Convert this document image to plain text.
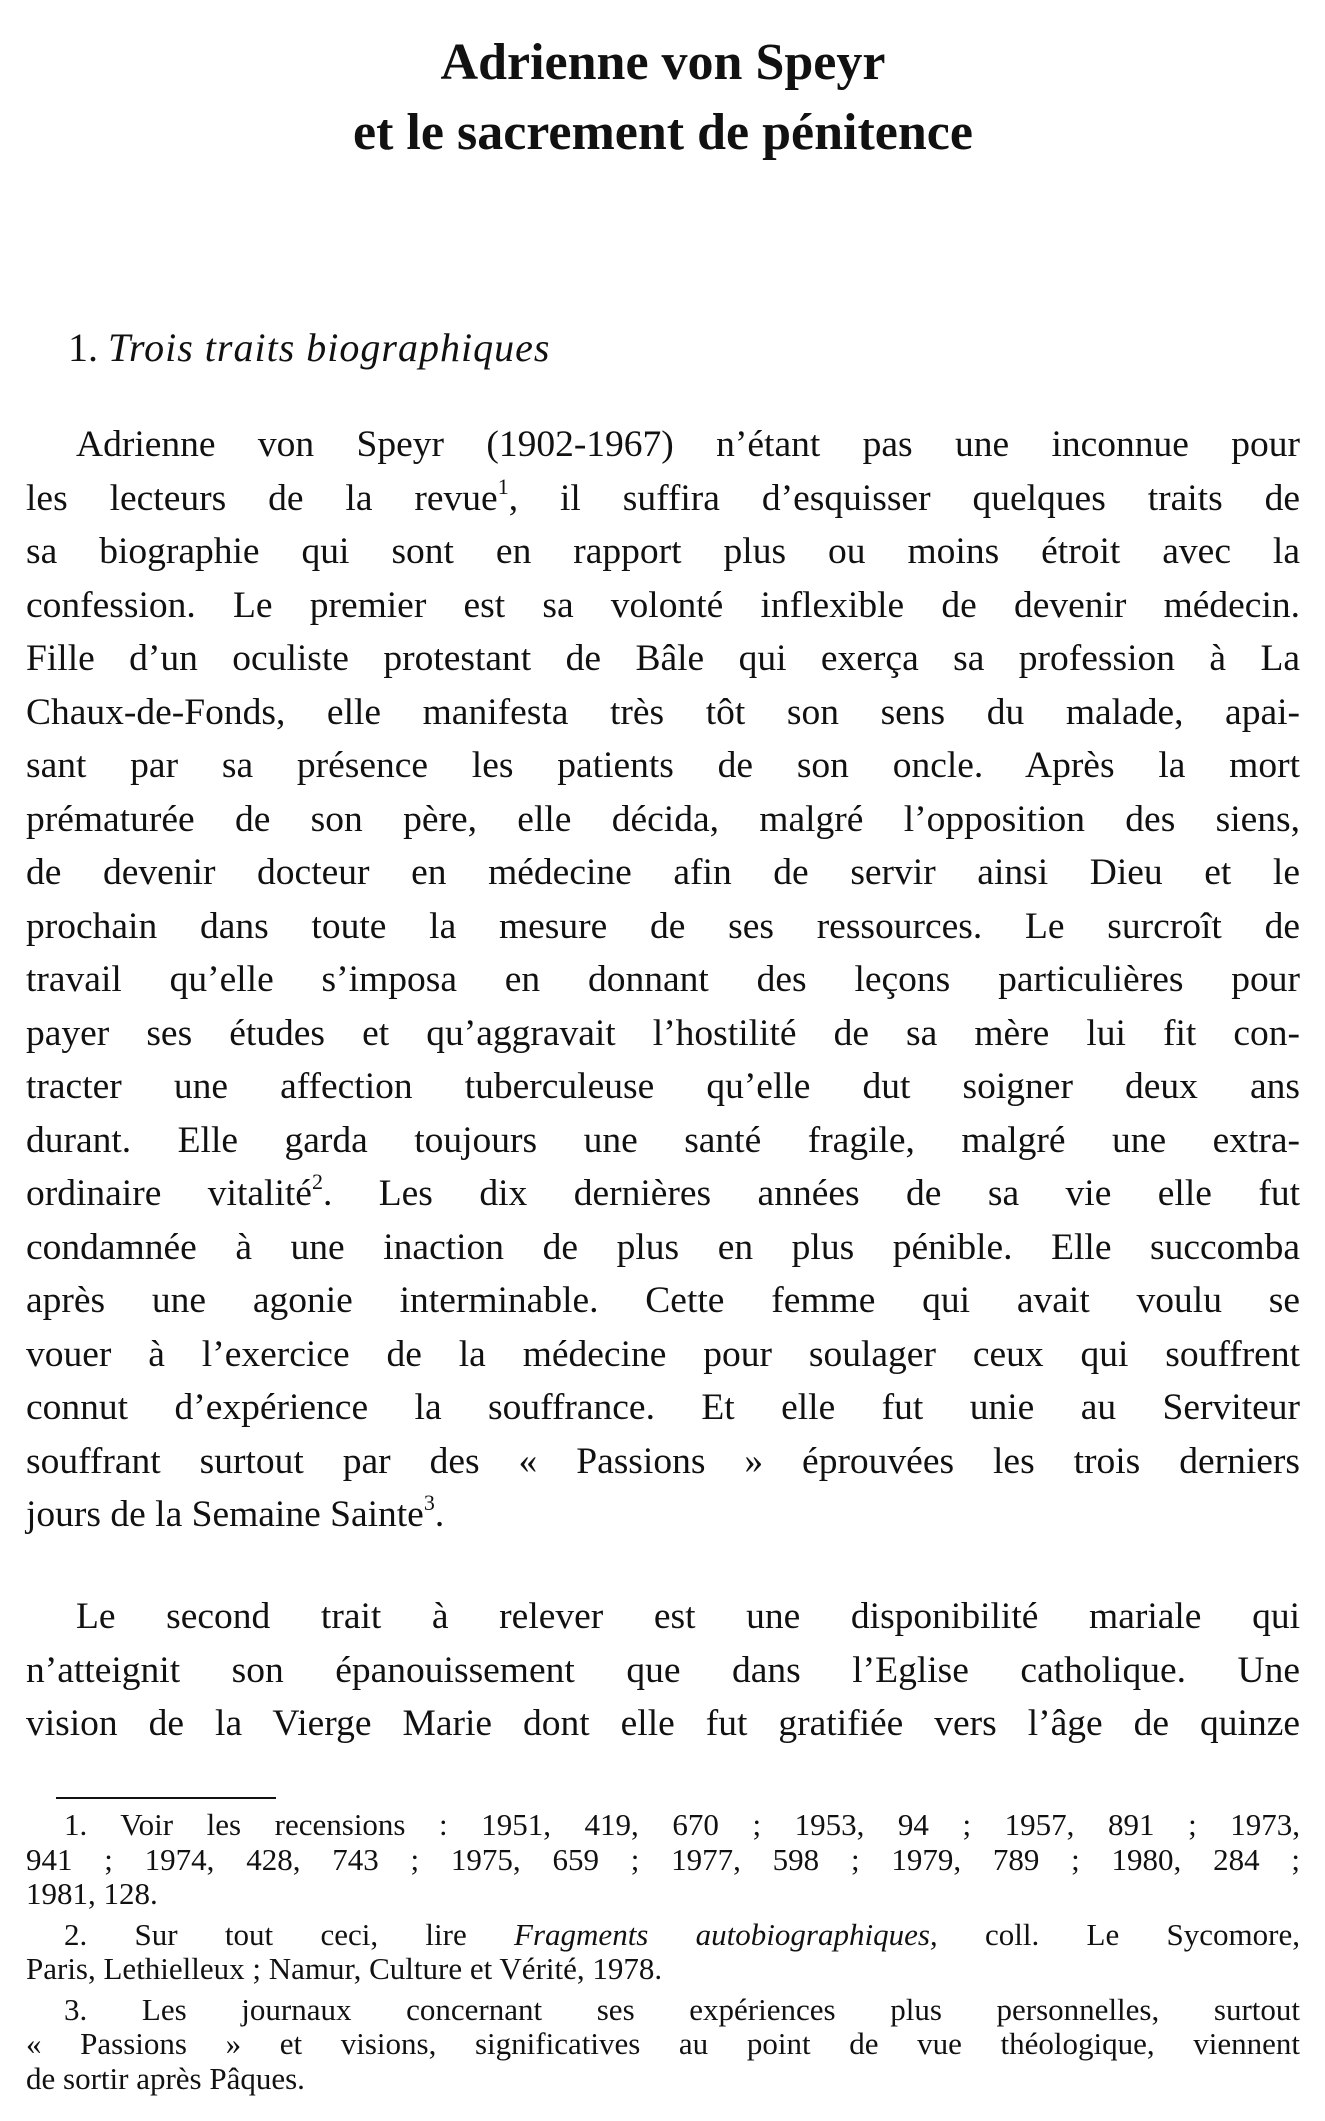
Adrienne von Speyr
et le sacrement de pénitence
1. Trois traits biographiques
Adrienne von Speyr (1902-1967) n’étant pas une inconnue pour
les lecteurs de la revue$^1$, il suffira d’esquisser quelques traits de
sa biographie qui sont en rapport plus ou moins étroit avec la
confession. Le premier est sa volonté inflexible de devenir médecin.
Fille d’un oculiste protestant de Bâle qui exerça sa profession à La
Chaux-de-Fonds, elle manifesta très tôt son sens du malade, apai-
sant par sa présence les patients de son oncle. Après la mort
prématurée de son père, elle décida, malgré l’opposition des siens,
de devenir docteur en médecine afin de servir ainsi Dieu et le
prochain dans toute la mesure de ses ressources. Le surcroît de
travail qu’elle s’imposa en donnant des leçons particulières pour
payer ses études et qu’aggravait l’hostilité de sa mère lui fit con-
tracter une affection tuberculeuse qu’elle dut soigner deux ans
durant. Elle garda toujours une santé fragile, malgré une extra-
ordinaire vitalité$^2$. Les dix dernières années de sa vie elle fut
condamnée à une inaction de plus en plus pénible. Elle succomba
après une agonie interminable. Cette femme qui avait voulu se
vouer à l’exercice de la médecine pour soulager ceux qui souffrent
connut d’expérience la souffrance. Et elle fut unie au Serviteur
souffrant surtout par des « Passions » éprouvées les trois derniers
jours de la Semaine Sainte$^3$.
Le second trait à relever est une disponibilité mariale qui
n’atteignit son épanouissement que dans l’Eglise catholique. Une
vision de la Vierge Marie dont elle fut gratifiée vers l’âge de quinze
1. Voir les recensions : 1951, 419, 670 ; 1953, 94 ; 1957, 891 ; 1973,
941 ; 1974, 428, 743 ; 1975, 659 ; 1977, 598 ; 1979, 789 ; 1980, 284 ;
1981, 128.
2. Sur tout ceci, lire Fragments autobiographiques, coll. Le Sycomore,
Paris, Lethielleux ; Namur, Culture et Vérité, 1978.
3. Les journaux concernant ses expériences plus personnelles, surtout
« Passions » et visions, significatives au point de vue théologique, viennent
de sortir après Pâques.
